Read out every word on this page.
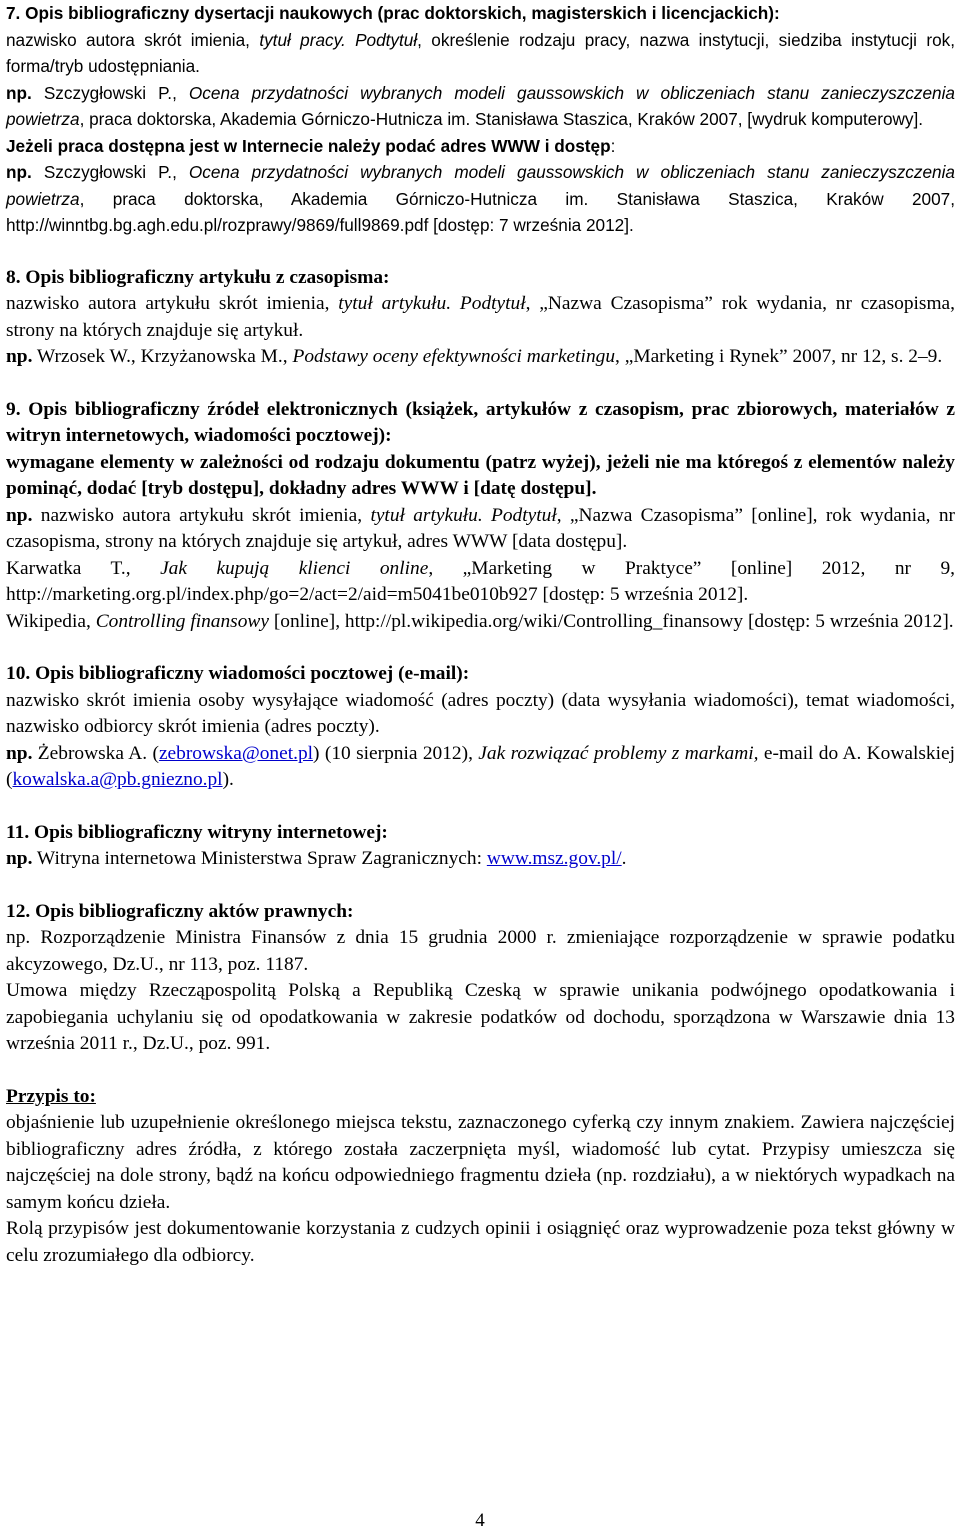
7. Opis bibliograficzny dysertacji naukowych (prac doktorskich, magisterskich i licencjackich):

nazwisko autora skrót imienia, tytuł pracy. Podtytuł, określenie rodzaju pracy, nazwa instytucji, siedziba instytucji rok, forma/tryb udostępniania.

np. Szczygłowski P., Ocena przydatności wybranych modeli gaussowskich w obliczeniach stanu zanieczyszczenia powietrza, praca doktorska, Akademia Górniczo-Hutnicza im. Stanisława Staszica, Kraków 2007, [wydruk komputerowy].

Jeżeli praca dostępna jest w Internecie należy podać adres WWW i dostęp:

np. Szczygłowski P., Ocena przydatności wybranych modeli gaussowskich w obliczeniach stanu zanieczyszczenia powietrza, praca doktorska, Akademia Górniczo-Hutnicza im. Stanisława Staszica, Kraków 2007, http://winntbg.bg.agh.edu.pl/rozprawy/9869/full9869.pdf [dostęp: 7 września 2012].

8. Opis bibliograficzny artykułu z czasopisma:

nazwisko autora artykułu skrót imienia, tytuł artykułu. Podtytuł, „Nazwa Czasopisma” rok wydania, nr czasopisma, strony na których znajduje się artykuł.

np. Wrzosek W., Krzyżanowska M., Podstawy oceny efektywności marketingu, „Marketing i Rynek” 2007, nr 12, s. 2–9.

9. Opis bibliograficzny źródeł elektronicznych (książek, artykułów z czasopism, prac zbiorowych, materiałów z witryn internetowych, wiadomości pocztowej):

wymagane elementy w zależności od rodzaju dokumentu (patrz wyżej), jeżeli nie ma któregoś z elementów należy pominąć, dodać [tryb dostępu], dokładny adres WWW i [datę dostępu].

np. nazwisko autora artykułu skrót imienia, tytuł artykułu. Podtytuł, „Nazwa Czasopisma” [online], rok wydania, nr czasopisma, strony na których znajduje się artykuł, adres WWW [data dostępu].

Karwatka T., Jak kupują klienci online, „Marketing w Praktyce” [online] 2012, nr 9, http://marketing.org.pl/index.php/go=2/act=2/aid=m5041be010b927 [dostęp: 5 września 2012].

Wikipedia, Controlling finansowy [online], http://pl.wikipedia.org/wiki/Controlling_finansowy [dostęp: 5 września 2012].

10. Opis bibliograficzny wiadomości pocztowej (e-mail):

nazwisko skrót imienia osoby wysyłające wiadomość (adres poczty) (data wysyłania wiadomości), temat wiadomości, nazwisko odbiorcy skrót imienia (adres poczty).

np. Żebrowska A. (zebrowska@onet.pl) (10 sierpnia 2012), Jak rozwiązać problemy z markami, e-mail do A. Kowalskiej (kowalska.a@pb.gniezno.pl).

11. Opis bibliograficzny witryny internetowej:

np. Witryna internetowa Ministerstwa Spraw Zagranicznych: www.msz.gov.pl/.

12. Opis bibliograficzny aktów prawnych:

np. Rozporządzenie Ministra Finansów z dnia 15 grudnia 2000 r. zmieniające rozporządzenie w sprawie podatku akcyzowego, Dz.U., nr 113, poz. 1187.

Umowa między Rzecząpospolitą Polską a Republiką Czeską w sprawie unikania podwójnego opodatkowania i zapobiegania uchylaniu się od opodatkowania w zakresie podatków od dochodu, sporządzona w Warszawie dnia 13 września 2011 r., Dz.U., poz. 991.

Przypis to:

objaśnienie lub uzupełnienie określonego miejsca tekstu, zaznaczonego cyferką czy innym znakiem. Zawiera najczęściej bibliograficzny adres źródła, z którego została zaczerpnięta myśl, wiadomość lub cytat. Przypisy umieszcza się najczęściej na dole strony, bądź na końcu odpowiedniego fragmentu dzieła (np. rozdziału), a w niektórych wypadkach na samym końcu dzieła.

Rolą przypisów jest dokumentowanie korzystania z cudzych opinii i osiągnięć oraz wyprowadzenie poza tekst główny w celu zrozumiałego dla odbiorcy.

4
